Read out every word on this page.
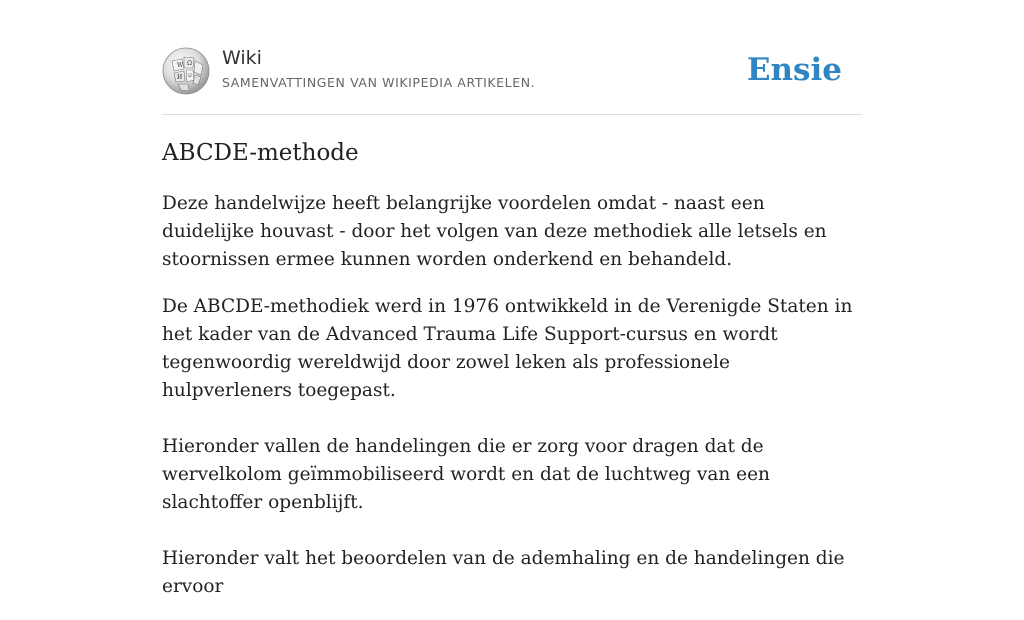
W Ω
И ש
Wiki
SAMENVATTINGEN VAN WIKIPEDIA ARTIKELEN.	Ensie
ABCDE-methode

Deze handelwijze heeft belangrijke voordelen omdat - naast een duidelijke houvast - door het volgen van deze methodiek alle letsels en stoornissen ermee kunnen worden onderkend en behandeld.

De ABCDE-methodiek werd in 1976 ontwikkeld in de Verenigde Staten in het kader van de Advanced Trauma Life Support-cursus en wordt tegenwoordig wereldwijd door zowel leken als professionele hulpverleners toegepast.

Hieronder vallen de handelingen die er zorg voor dragen dat de wervelkolom geïmmobiliseerd wordt en dat de luchtweg van een slachtoffer openblijft.

Hieronder valt het beoordelen van de ademhaling en de handelingen die ervoor
